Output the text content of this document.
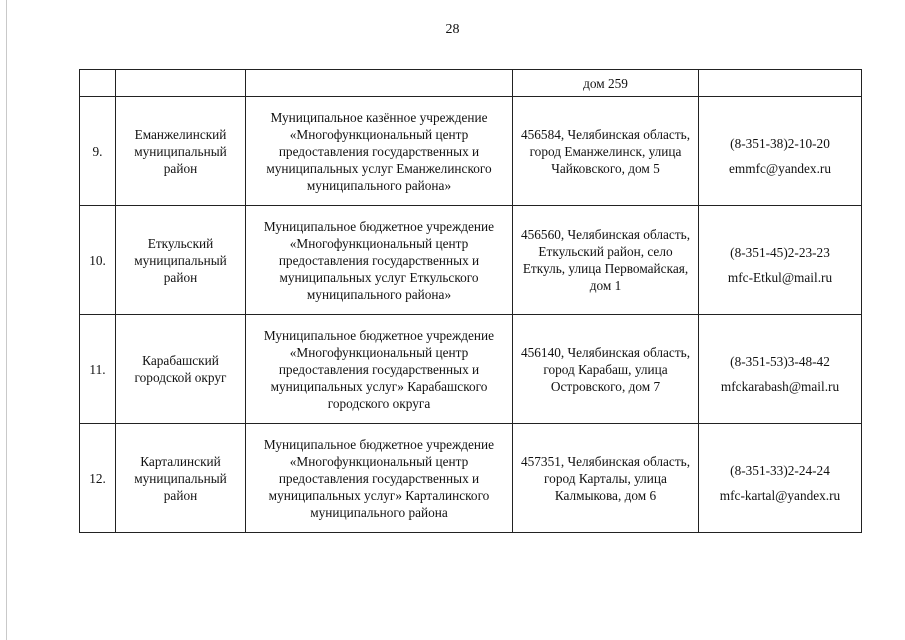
28
			дом 259	
9.	Еманжелинский муниципальный район	Муниципальное казённое учреждение «Многофункциональный центр предоставления государственных и муниципальных услуг Еманжелинского муниципального района»	456584, Челябинская область, город Еманжелинск, улица Чайковского, дом 5	(8-351-38)2-10-20
emmfc@yandex.ru

10.	Еткульский муниципальный район	Муниципальное бюджетное учреждение «Многофункциональный центр предоставления государственных и муниципальных услуг Еткульского муниципального района»	456560, Челябинская область, Еткульский район, село Еткуль, улица Первомайская, дом 1	(8-351-45)2-23-23
mfc-Etkul@mail.ru

11.	Карабашский городской округ	Муниципальное бюджетное учреждение «Многофункциональный центр предоставления государственных и муниципальных услуг» Карабашского городского округа	456140, Челябинская область, город Карабаш, улица Островского, дом 7	(8-351-53)3-48-42
mfckarabash@mail.ru

12.	Карталинский муниципальный район	Муниципальное бюджетное учреждение «Многофункциональный центр предоставления государственных и муниципальных услуг» Карталинского муниципального района	457351, Челябинская область, город Карталы, улица Калмыкова, дом 6	(8-351-33)2-24-24
mfc-kartal@yandex.ru
